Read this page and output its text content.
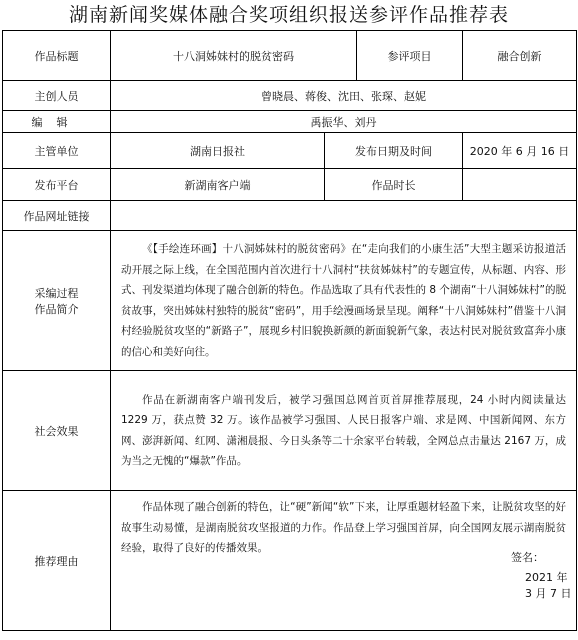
湖南新闻奖媒体融合奖项组织报送参评作品推荐表
作品标题	十八洞姊妹村的脱贫密码		参评项目	融合创新
主创人员	曾晓晨、蒋俊、沈田、张琛、赵妮			
编辑	禹振华、刘丹			
主管单位	湖南日报社	发布日期及时间		2020 年 6 月 16 日
发布平台	新湖南客户端	作品时长		
作品网址链接				

采编过程
作品简介	《【手绘连环画】十八洞姊妹村的脱贫密码》在“走向我们的小康生活”大型主题采访报道活动开展之际上线，在全国范围内首次进行十八洞村“扶贫姊妹村”的专题宣传，从标题、内容、形式、刊发渠道均体现了融合创新的特色。作品选取了具有代表性的 8 个湖南“十八洞姊妹村”的脱贫故事，突出姊妹村独特的脱贫“密码”，用手绘漫画场景呈现。阐释“十八洞姊妹村”借鉴十八洞村经验脱贫攻坚的“新路子”，展现乡村旧貌换新颜的新面貌新气象，表达村民对脱贫致富奔小康的信心和美好向往。			

社会效果	作品在新湖南客户端刊发后，被学习强国总网首页首屏推荐展现，24 小时内阅读量达 1229 万，获点赞 32 万。该作品被学习强国、人民日报客户端、求是网、中国新闻网、东方网、澎湃新闻、红网、潇湘晨报、今日头条等二十余家平台转载，全网总点击量达 2167 万，成为当之无愧的“爆款”作品。			

推荐理由	作品体现了融合创新的特色，让“硬”新闻“软”下来，让厚重题材轻盈下来，让脱贫攻坚的好故事生动易懂，是湖南脱贫攻坚报道的力作。作品登上学习强国首屏，向全国网友展示湖南脱贫经验，取得了良好的传播效果。
签名：
2021 年 3 月 7 日			
